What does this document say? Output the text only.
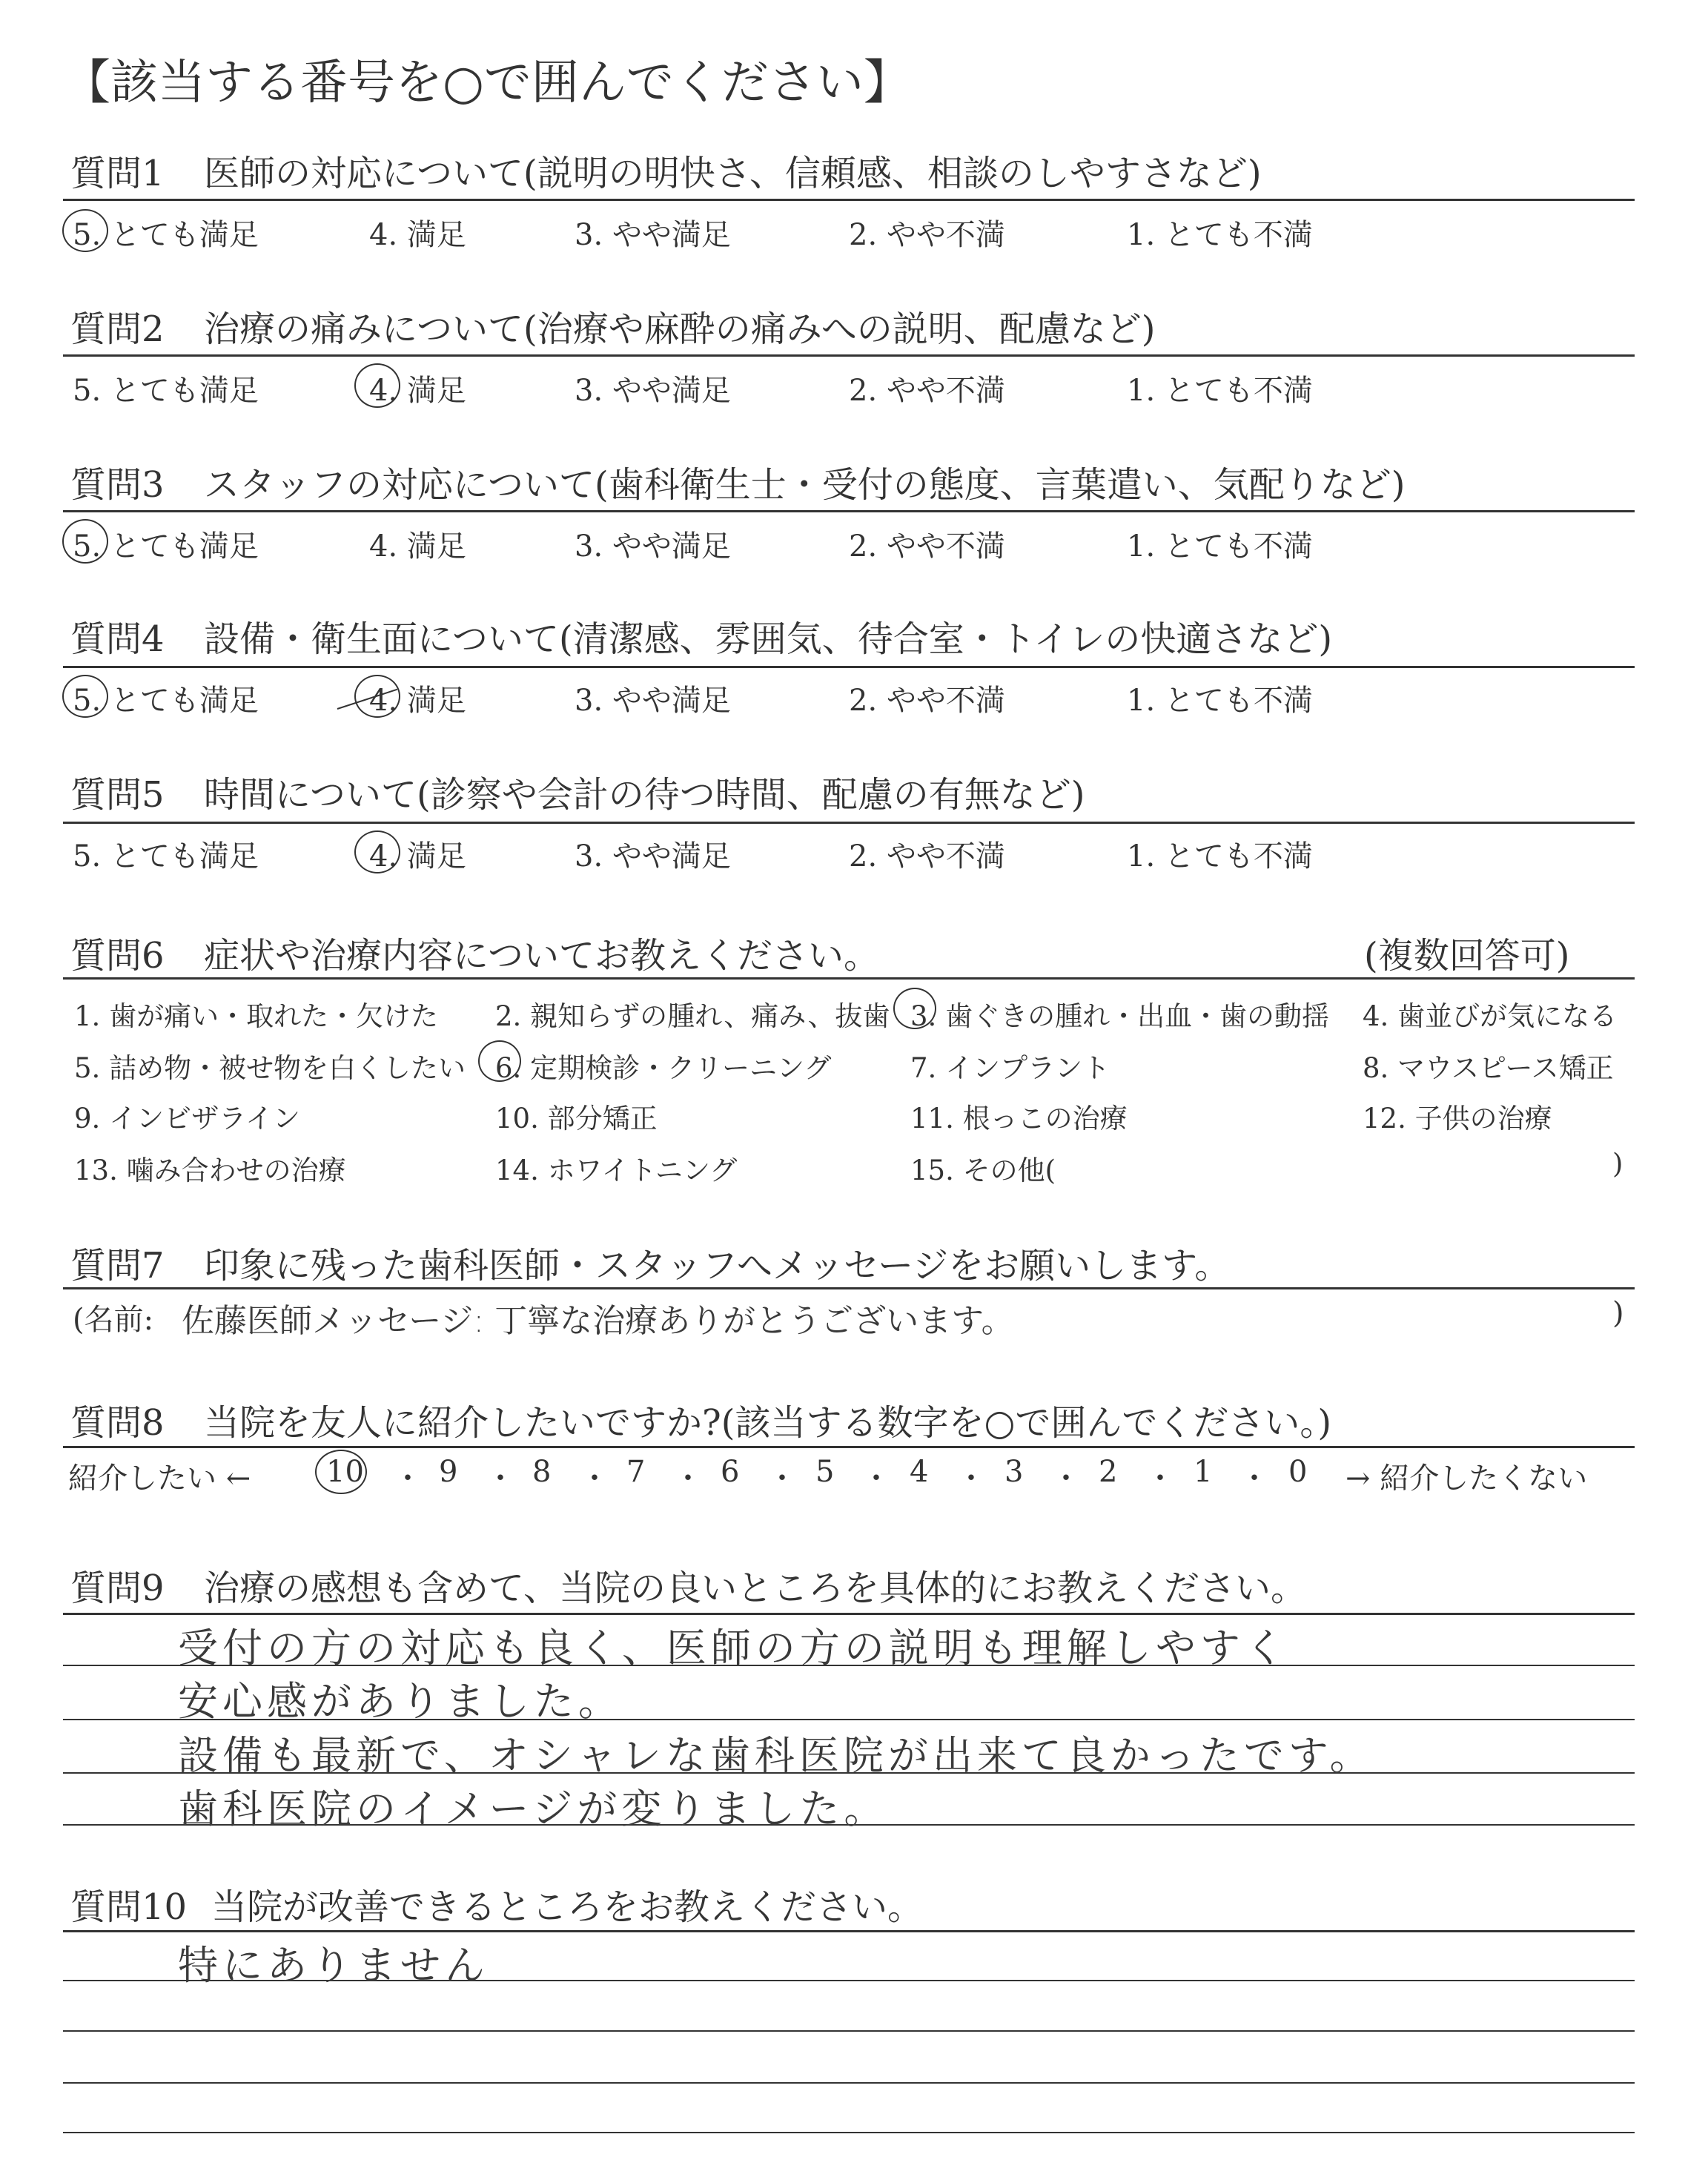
【該当する番号を○で囲んでください】
質問1 医師の対応について(説明の明快さ、信頼感、相談のしやすさなど)
5. とても満足	4. 満足	3. やや満足	2. やや不満	1. とても不満
質問2 治療の痛みについて(治療や麻酔の痛みへの説明、配慮など)
5. とても満足	4. 満足	3. やや満足	2. やや不満	1. とても不満
質問3 スタッフの対応について(歯科衛生士・受付の態度、言葉遣い、気配りなど)
5. とても満足	4. 満足	3. やや満足	2. やや不満	1. とても不満
質問4 設備・衛生面について(清潔感、雰囲気、待合室・トイレの快適さなど)
5. とても満足	4. 満足	3. やや満足	2. やや不満	1. とても不満
質問5 時間について(診察や会計の待つ時間、配慮の有無など)
5. とても満足	4. 満足	3. やや満足	2. やや不満	1. とても不満
質問6 症状や治療内容についてお教えください。	(複数回答可)
1. 歯が痛い・取れた・欠けた 2. 親知らずの腫れ、痛み、抜歯 3. 歯ぐきの腫れ・出血・歯の動揺 4. 歯並びが気になる
5. 詰め物・被せ物を白くしたい 6. 定期検診・クリーニング	7. インプラント	8. マウスピース矯正
9. インビザライン	10. 部分矯正	11. 根っこの治療	12. 子供の治療
13. 噛み合わせの治療	14. ホワイトニング	15. その他(	)
質問7 印象に残った歯科医師・スタッフへメッセージをお願いします。
(名前: 佐藤医師メッセージ: 丁寧な治療ありがとうございます。	)
質問8 当院を友人に紹介したいですか?(該当する数字を○で囲んでください。)
紹介したい ←	→ 紹介したくない
10 ・ 9 ・ 8 ・ 7 ・ 6 ・ 5 ・ 4 ・ 3 ・ 2 ・ 1 ・ 0
質問9 治療の感想も含めて、当院の良いところを具体的にお教えください。
受付の方の対応も良く、医師の方の説明も理解しやすく
安心感がありました。
設備も最新で、オシャレな歯科医院が出来て良かったです。
歯科医院のイメージが変りました。
質問10 当院が改善できるところをお教えください。
特にありません
